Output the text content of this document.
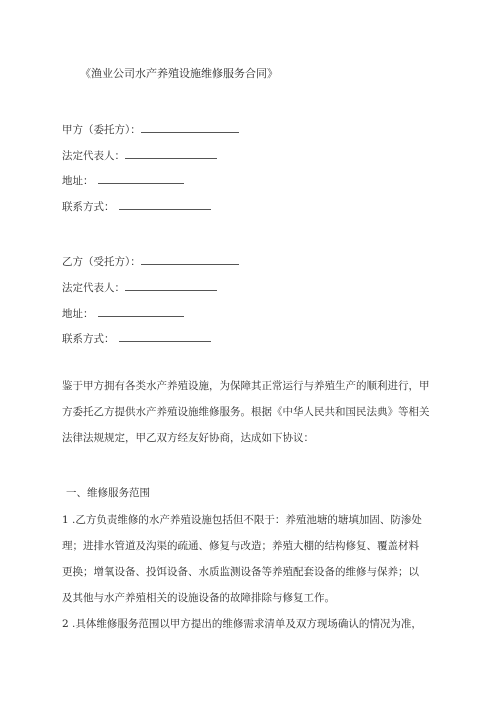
《渔业公司水产养殖设施维修服务合同》
甲方（委托方）：
法定代表人：
地址：
联系方式：
乙方（受托方）：
法定代表人：
地址：
联系方式：
鉴于甲方拥有各类水产养殖设施，为保障其正常运行与养殖生产的顺利进行，甲
方委托乙方提供水产养殖设施维修服务。根据《中华人民共和国民法典》等相关
法律法规规定，甲乙双方经友好协商，达成如下协议：
一、维修服务范围
1 .乙方负责维修的水产养殖设施包括但不限于：养殖池塘的塘填加固、防渗处
理；进排水管道及沟渠的疏通、修复与改造；养殖大棚的结构修复、覆盖材料
更换；增氧设备、投饵设备、水质监测设备等养殖配套设备的维修与保养；以
及其他与水产养殖相关的设施设备的故障排除与修复工作。
2 .具体维修服务范围以甲方提出的维修需求清单及双方现场确认的情况为准，
